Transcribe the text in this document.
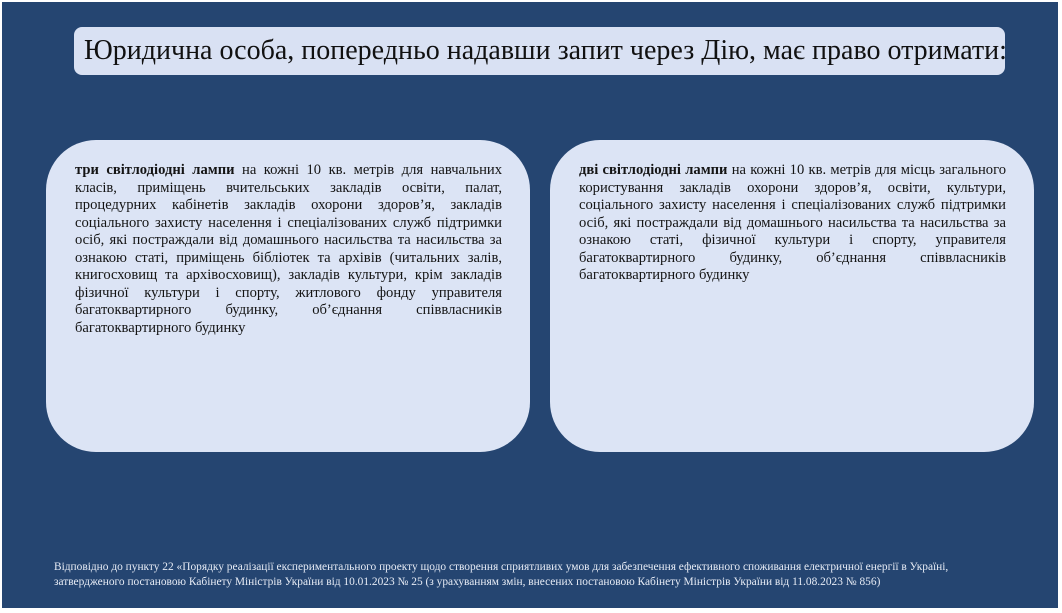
Юридична особа, попередньо надавши запит через Дію, має право отримати:
три світлодіодні лампи на кожні 10 кв. метрів для навчальних класів, приміщень вчительських закладів освіти, палат, процедурних кабінетів закладів охорони здоров’я, закладів соціального захисту населення і спеціалізованих служб підтримки осіб, які постраждали від домашнього насильства та насильства за ознакою статі, приміщень бібліотек та архівів (читальних залів, книгосховищ та архівосховищ), закладів культури, крім закладів фізичної культури і спорту, житлового фонду управителя багатоквартирного будинку, об’єднання співвласників багатоквартирного будинку
дві світлодіодні лампи на кожні 10 кв. метрів для місць загального користування закладів охорони здоров’я, освіти, культури, соціального захисту населення і спеціалізованих служб підтримки осіб, які постраждали від домашнього насильства та насильства за ознакою статі, фізичної культури і спорту, управителя багатоквартирного будинку, об’єднання співвласників багатоквартирного будинку
Відповідно до пункту 22 «Порядку реалізації експериментального проекту щодо створення сприятливих умов для забезпечення ефективного споживання електричної енергії в Україні,
затвердженого постановою Кабінету Міністрів України від 10.01.2023 № 25 (з урахуванням змін, внесених постановою Кабінету Міністрів України від 11.08.2023 № 856)
